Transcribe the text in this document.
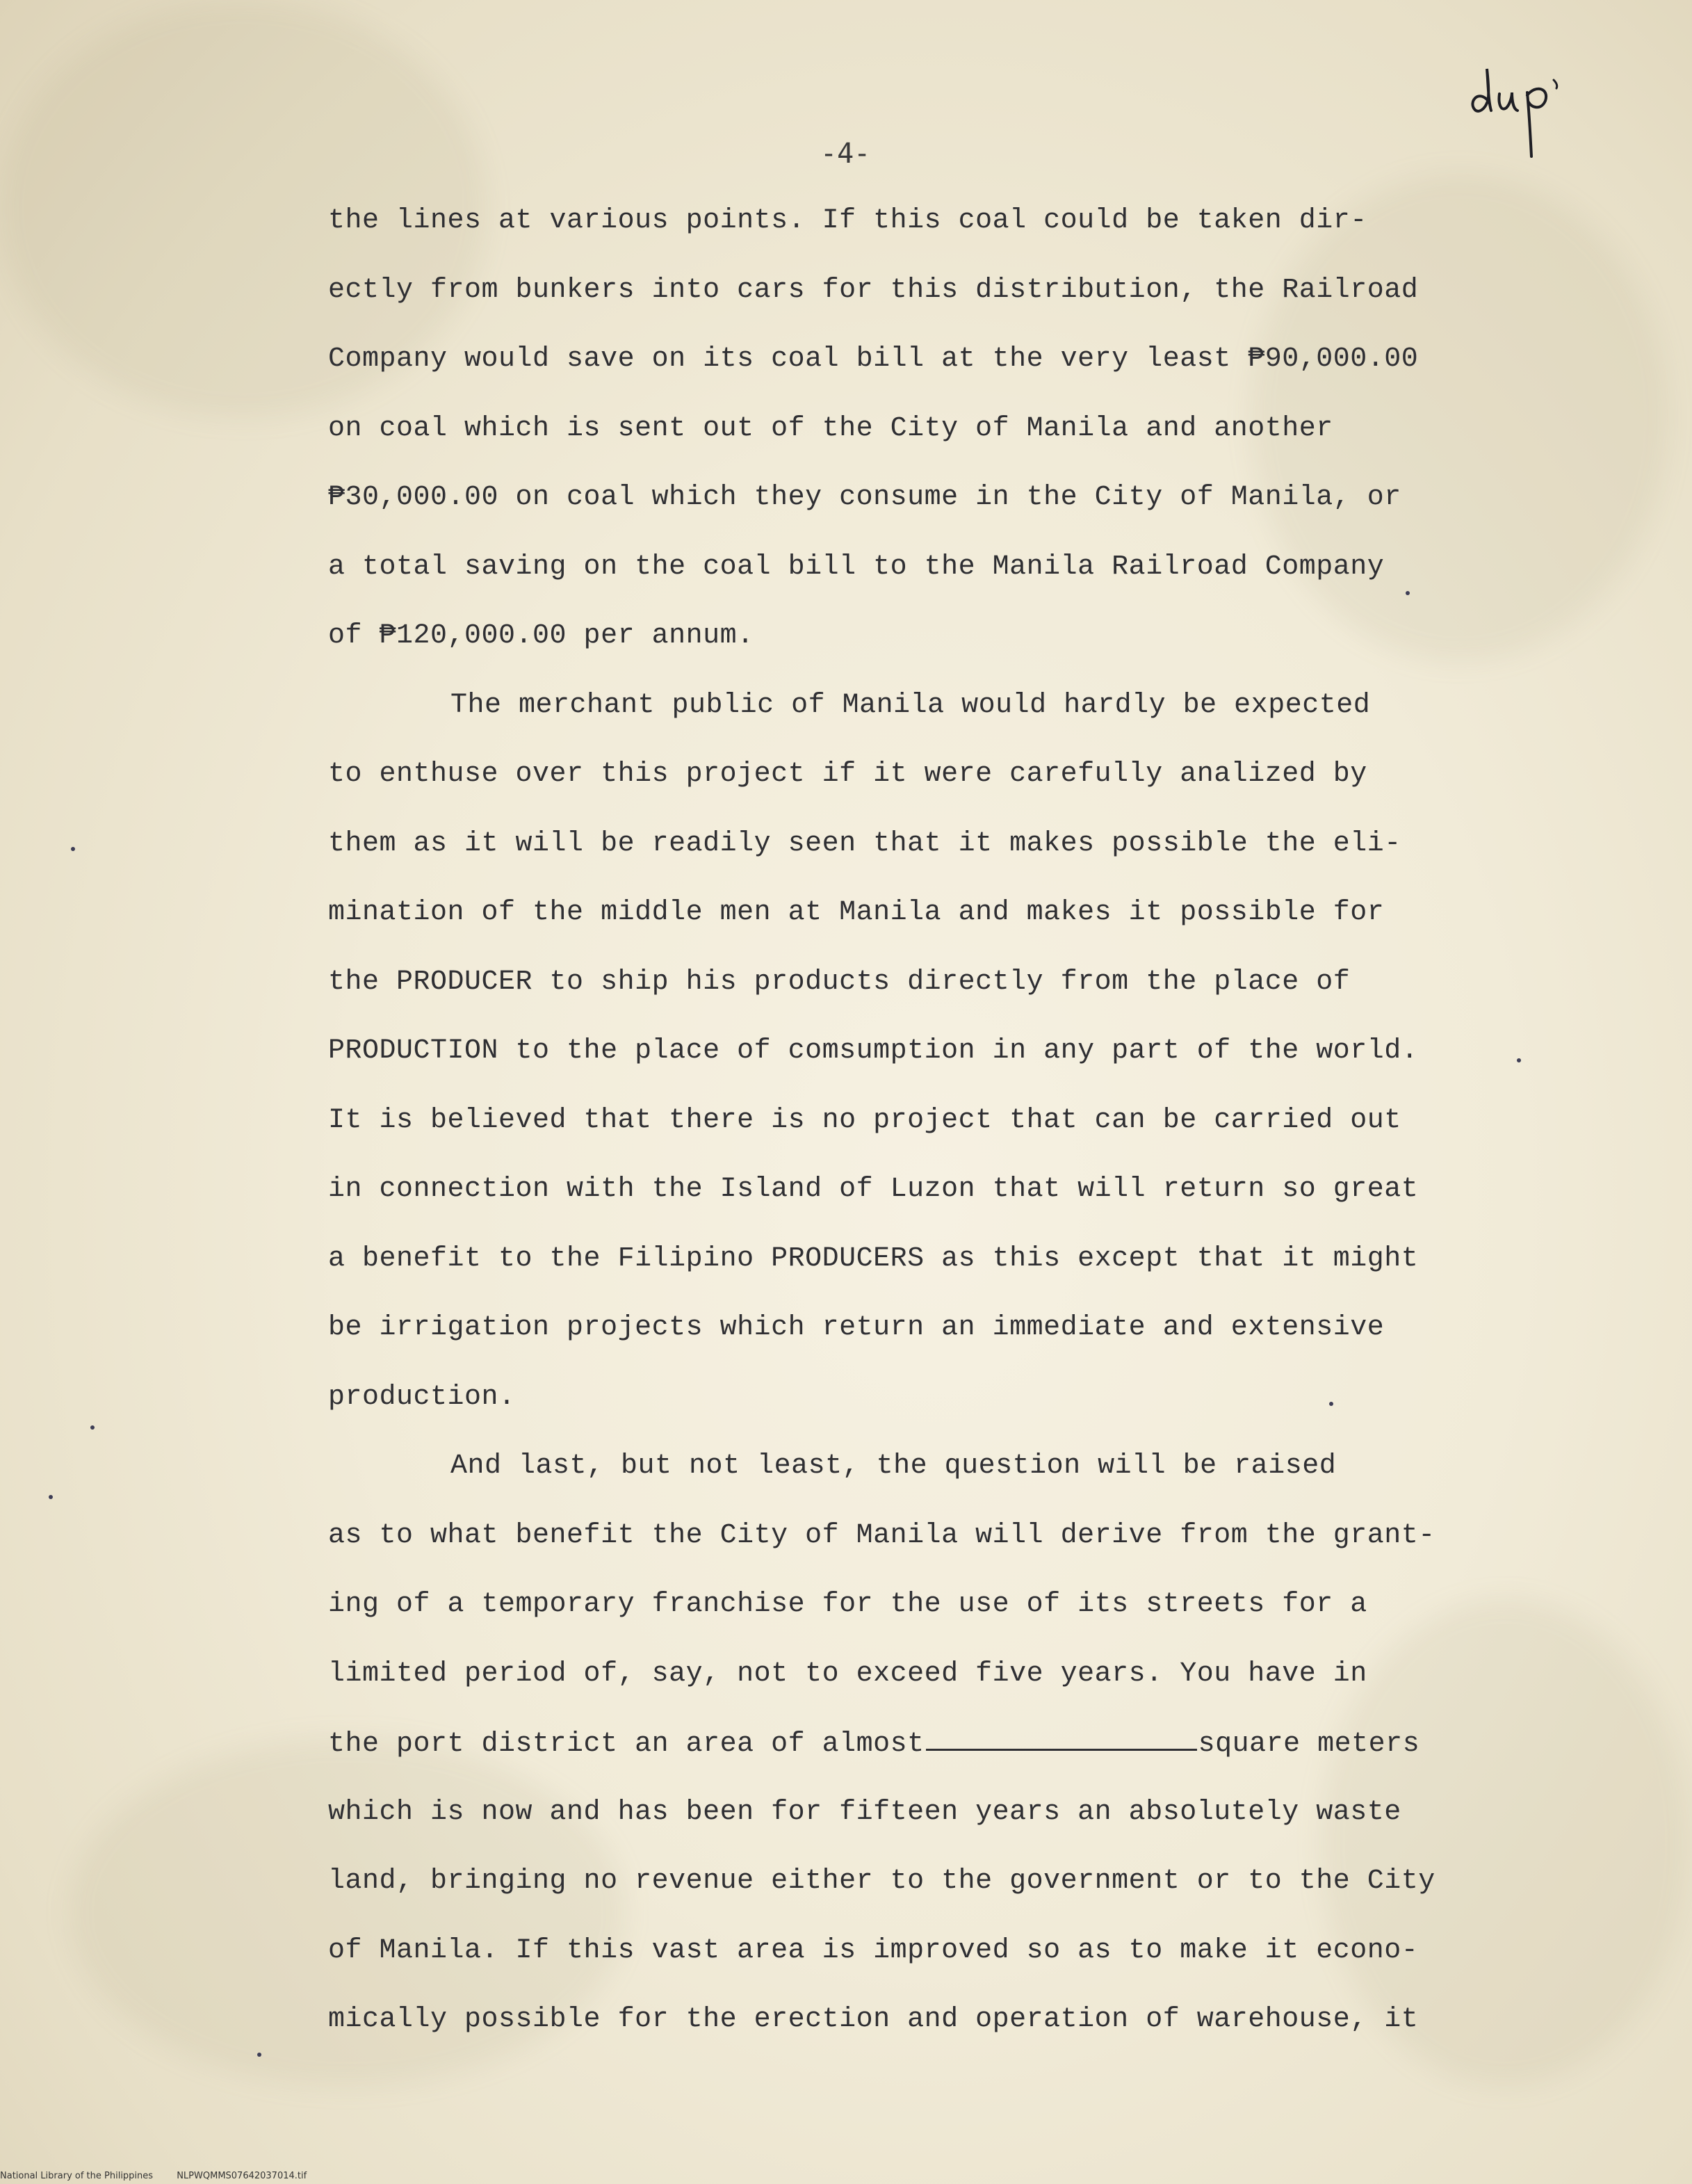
-4-
the lines at various points. If this coal could be taken dir-
ectly from bunkers into cars for this distribution, the Railroad
Company would save on its coal bill at the very least ₱90,000.00
on coal which is sent out of the City of Manila and another
₱30,000.00 on coal which they consume in the City of Manila, or
a total saving on the coal bill to the Manila Railroad Company
of ₱120,000.00 per annum.
The merchant public of Manila would hardly be expected
to enthuse over this project if it were carefully analized by
them as it will be readily seen that it makes possible the eli-
mination of the middle men at Manila and makes it possible for
the PRODUCER to ship his products directly from the place of
PRODUCTION to the place of comsumption in any part of the world.
It is believed that there is no project that can be carried out
in connection with the Island of Luzon that will return so great
a benefit to the Filipino PRODUCERS as this except that it might
be irrigation projects which return an immediate and extensive
production.
And last, but not least, the question will be raised
as to what benefit the City of Manila will derive from the grant-
ing of a temporary franchise for the use of its streets for a
limited period of, say, not to exceed five years. You have in
the port district an area of almost	square meters
which is now and has been for fifteen years an absolutely waste
land, bringing no revenue either to the government or to the City
of Manila. If this vast area is improved so as to make it econo-
mically possible for the erection and operation of warehouse, it
National Library of the Philippines	NLPWQMMS07642037014.tif
